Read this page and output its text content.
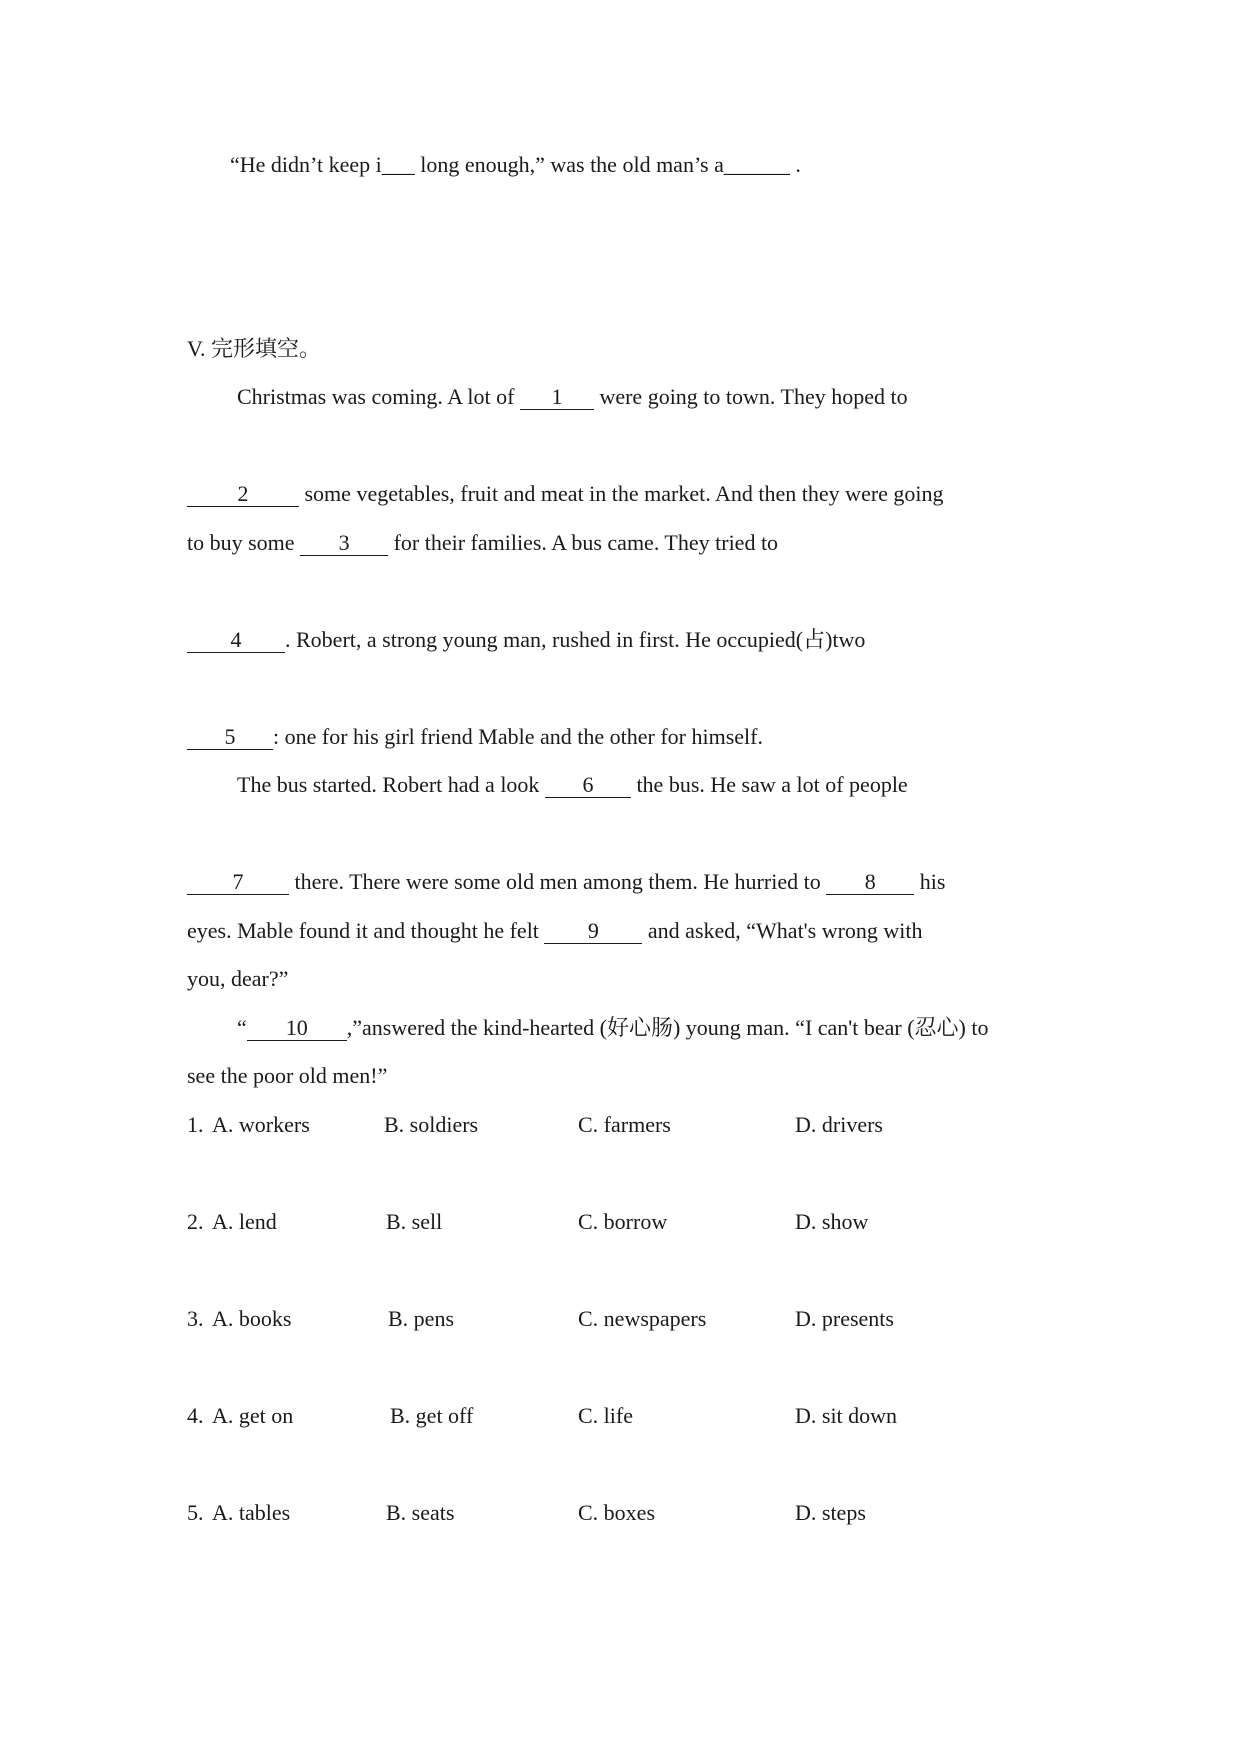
“He didn’t keep i___ long enough,” was the old man’s a______ .
V. 完形填空。
Christmas was coming. A lot of 1 were going to town. They hoped to
2 some vegetables, fruit and meat in the market. And then they were going
to buy some 3 for their families. A bus came. They tried to
4 . Robert, a strong young man, rushed in first. He occupied(占)two
5 : one for his girl friend Mable and the other for himself.
The bus started. Robert had a look 6 the bus. He saw a lot of people
7 there. There were some old men among them. He hurried to 8 his
eyes. Mable found it and thought he felt 9 and asked, “What's wrong with
you, dear?”
“ 10 ,”answered the kind-hearted (好心肠) young man. “I can't bear (忍心) to
see the poor old men!”
1. A. workers	B. soldiers	C. farmers	D. drivers
2. A. lend	B. sell	C. borrow	D. show
3. A. books	B. pens	C. newspapers	D. presents
4. A. get on	B. get off	C. life	D. sit down
5. A. tables	B. seats	C. boxes	D. steps
